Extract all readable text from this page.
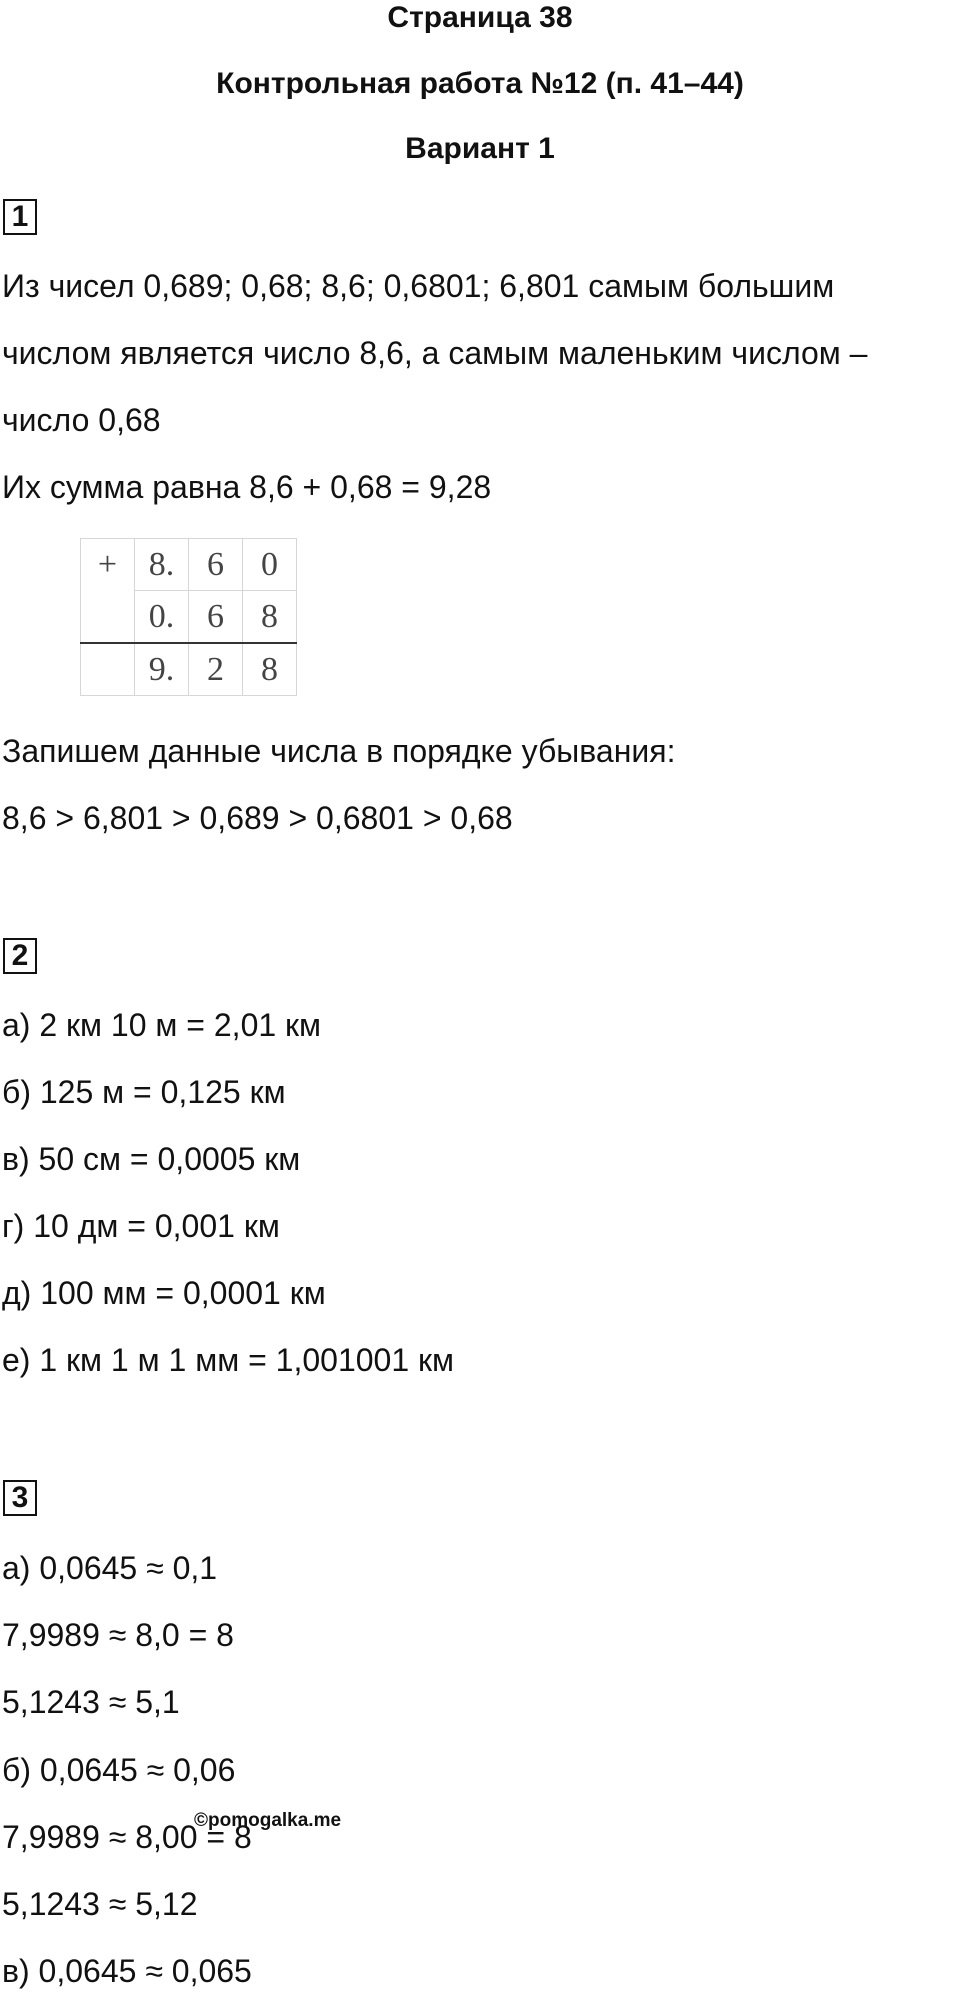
Страница 38
Контрольная работа №12 (п. 41–44)
Вариант 1
1
Из чисел 0,689; 0,68; 8,6; 0,6801; 6,801 самым большим
числом является число 8,6, а самым маленьким числом –
число 0,68
Их сумма равна 8,6 + 0,68 = 9,28
+	8.	6	0
	0.	6	8
	9.	2	8
Запишем данные числа в порядке убывания:
8,6 > 6,801 > 0,689 > 0,6801 > 0,68
2
а) 2 км 10 м = 2,01 км
б) 125 м = 0,125 км
в) 50 см = 0,0005 км
г) 10 дм = 0,001 км
д) 100 мм = 0,0001 км
е) 1 км 1 м 1 мм = 1,001001 км
3
а) 0,0645 ≈ 0,1
7,9989 ≈ 8,0 = 8
5,1243 ≈ 5,1
б) 0,0645 ≈ 0,06
7,9989 ≈ 8,00 = 8
5,1243 ≈ 5,12
в) 0,0645 ≈ 0,065
©pomogalka.me
